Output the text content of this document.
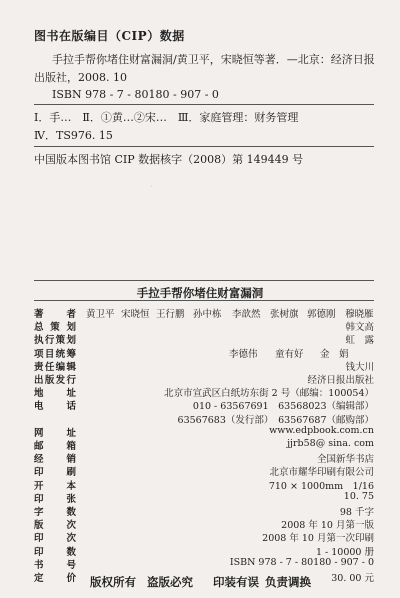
·
图书在版编目（CIP）数据
手拉手帮你堵住财富漏洞/黄卫平，宋晓恒等著．—北京：经济日报
出版社，2008. 10
ISBN 978 - 7 - 80180 - 907 - 0
Ⅰ．手…　Ⅱ．①黄…②宋…　Ⅲ．家庭管理：财务管理
Ⅳ．TS976. 15
中国版本图书馆 CIP 数据核字（2008）第 149449 号
手拉手帮你堵住财富漏洞
著　　者 黄卫平 宋晓恒 王行鹏 孙中栋 李歆然 张树旗 郭德刚 穆晓雁
总 策 划	韩文高
执行策划	虹　露
项目统筹	李德伟 童有好 金　娟
责任编辑	钱大川
出版发行	经济日报出版社
地　　址	北京市宣武区白纸坊东街 2 号（邮编：100054）
电　　话	010 - 63567691　63568023（编辑部）
63567683（发行部）　63567687（邮购部）
网　　址	www.edpbook.com.cn
邮　　箱	jjrb58@ sina. com
经　　销	全国新华书店
印　　刷	北京市耀华印刷有限公司
开　　本	710 × 1000mm　1/16
印　　张	10. 75
字　　数	98 千字
版　　次	2008 年 10 月第一版
印　　次	2008 年 10 月第一次印刷
印　　数	1 - 10000 册
书　　号	ISBN 978 - 7 - 80180 - 907 - 0
定　　价	30. 00 元
版权所有 盗版必究 印装有误 负责调换
